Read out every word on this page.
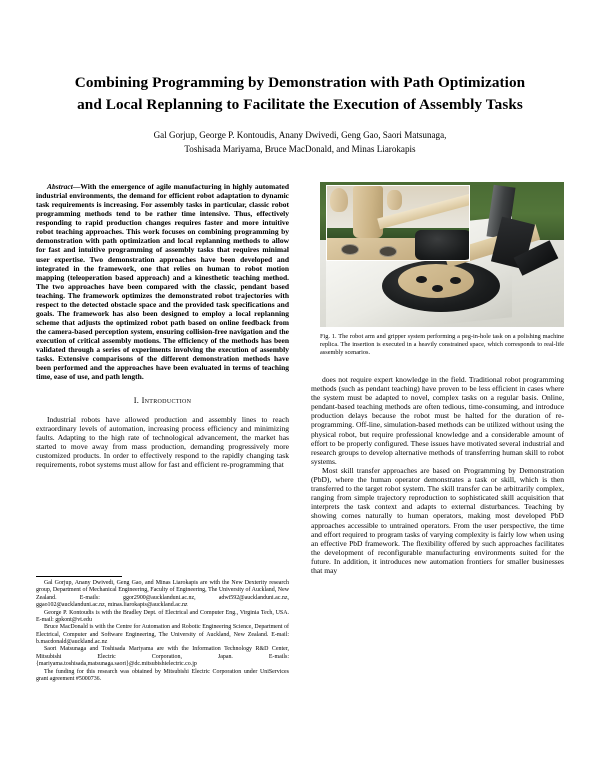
Combining Programming by Demonstration with Path Optimization
and Local Replanning to Facilitate the Execution of Assembly Tasks
Gal Gorjup, George P. Kontoudis, Anany Dwivedi, Geng Gao, Saori Matsunaga,
Toshisada Mariyama, Bruce MacDonald, and Minas Liarokapis

Abstract—With the emergence of agile manufacturing in highly automated industrial environments, the demand for efficient robot adaptation to dynamic task requirements is increasing. For assembly tasks in particular, classic robot programming methods tend to be rather time intensive. Thus, effectively responding to rapid production changes requires faster and more intuitive robot teaching approaches. This work focuses on combining programming by demonstration with path optimization and local replanning methods to allow for fast and intuitive programming of assembly tasks that requires minimal user expertise. Two demonstration approaches have been developed and integrated in the framework, one that relies on human to robot motion mapping (teleoperation based approach) and a kinesthetic teaching method. The two approaches have been compared with the classic, pendant based teaching. The framework optimizes the demonstrated robot trajectories with respect to the detected obstacle space and the provided task specifications and goals. The framework has also been designed to employ a local replanning scheme that adjusts the optimized robot path based on online feedback from the camera-based perception system, ensuring collision-free navigation and the execution of critical assembly motions. The efficiency of the methods has been validated through a series of experiments involving the execution of assembly tasks. Extensive comparisons of the different demonstration methods have been performed and the approaches have been evaluated in terms of teaching time, ease of use, and path length.

I. Introduction

Industrial robots have allowed production and assembly lines to reach extraordinary levels of automation, increasing process efficiency and minimizing faults. Adapting to the high rate of technological advancement, the market has started to move away from mass production, demanding progressively more customized products. In order to effectively respond to the rapidly changing task requirements, robot systems must allow for fast and efficient re-programming that

Fig. 1. The robot arm and gripper system performing a peg-in-hole task on a polishing machine replica. The insertion is executed in a heavily constrained space, which corresponds to real-life assembly scenarios.

does not require expert knowledge in the field. Traditional robot programming methods (such as pendant teaching) have proven to be less efficient in cases where the system must be adapted to novel, complex tasks on a regular basis. Online, pendant-based teaching methods are often tedious, time-consuming, and introduce production delays because the robot must be halted for the duration of re-programming. Off-line, simulation-based methods can be utilized without using the physical robot, but require professional knowledge and a considerable amount of effort to be properly configured. These issues have motivated several industrial and research groups to develop alternative methods of transferring human skill to robot systems.

Most skill transfer approaches are based on Programming by Demonstration (PbD), where the human operator demonstrates a task or skill, which is then transferred to the target robot system. The skill transfer can be arbitrarily complex, ranging from simple trajectory reproduction to sophisticated skill acquisition that interprets the task context and adapts to external disturbances. Teaching by showing comes naturally to human operators, making most developed PbD approaches accessible to untrained operators. From the user perspective, the time and effort required to program tasks of varying complexity is fairly low when using an effective PbD framework. The flexibility offered by such approaches facilitates the development of reconfigurable manufacturing environments suited for the future. In addition, it introduces new automation frontiers for smaller businesses that may

Gal Gorjup, Anany Dwivedi, Geng Gao, and Minas Liarokapis are with the New Dexterity research group, Department of Mechanical Engineering, Faculty of Engineering, The University of Auckland, New Zealand. E-mails: ggor2900@aucklanduni.ac.nz, adwi592@aucklanduni.ac.nz, ggao102@aucklanduni.ac.nz, minas.liarokapis@auckland.ac.nz

George P. Kontoudis is with the Bradley Dept. of Electrical and Computer Eng., Virginia Tech, USA. E-mail: gpkont@vt.edu

Bruce MacDonald is with the Centre for Automation and Robotic Engineering Science, Department of Electrical, Computer and Software Engineering, The University of Auckland, New Zealand. E-mail: b.macdonald@auckland.ac.nz

Saori Matsunaga and Toshisada Mariyama are with the Information Technology R&D Center, Mitsubishi Electric Corporation, Japan. E-mails: {mariyama.toshisada,matsunaga.saori}@dc.mitsubishielectric.co.jp

The funding for this research was obtained by Mitsubishi Electric Corporation under UniServices grant agreement #5000736.
